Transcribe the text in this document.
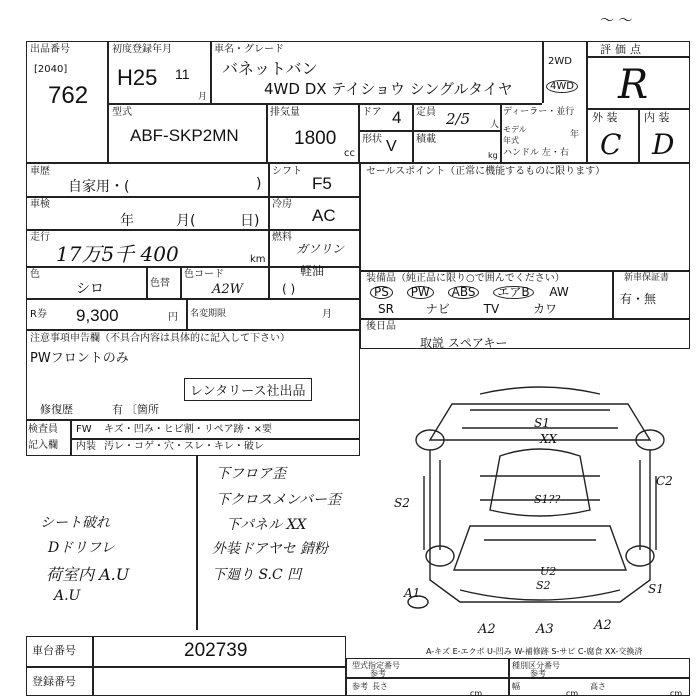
〜 〜
出品番号
[2040]
762
初度登録年月
H25 11
月
車名・グレード
バネットバン
4WD DX テイショウ シングルタイヤ
2WD
4WD
評価点
R
型式
ABF-SKP2MN
排気量
1800
cc
ドア 4 定員 2/5 人
形状 V 積載
kg
ディーラー・並行
モデル 年式
年
ハンドル 左・右
外 装 内 装
C D
車歴
自家用・(	)
シフト
F5
車検
年	月(	日)
冷房
AC
走行
17万5千 400	km
燃料
ガソリン
軽油
( )
色
シロ	色替
色コード
A2W
R券 9,300	円 名変期限	月
セールスポイント（正常に機能するものに限ります）
装備品（純正品に限り○で囲んでください）	新車保証書
PS PW ABS エアB AW
SR	ナビ	TV	カワ
有・無
後日品
取説 スペアキー
注意事項申告欄（不具合内容は具体的に記入して下さい）
PWフロントのみ
レンタリース社出品
修復歴	有 〔箇所
検査員
記入欄
FW キズ・凹み・ヒビ割・リペア跡・×要
内装 汚レ・コゲ・穴・スレ・キレ・破レ
シート破れ
Dドリフレ
荷室内 A.U
A.U
下フロア歪
下クロスメンバー歪
下パネル XX
外装ドアヤセ 錆粉
下廻り S.C 凹
S1
XX
S2
C2
S1??
U2
S2
A1	S1
A2	A3	A2
A-キズ E-エクボ U-凹み W-補修跡 S-サビ C-腐食 XX-交換済
車台番号	202739
登録番号
型式指定番号
参考
種別区分番号
参考
参考 長さ
cm
幅
cm
高さ
cm
